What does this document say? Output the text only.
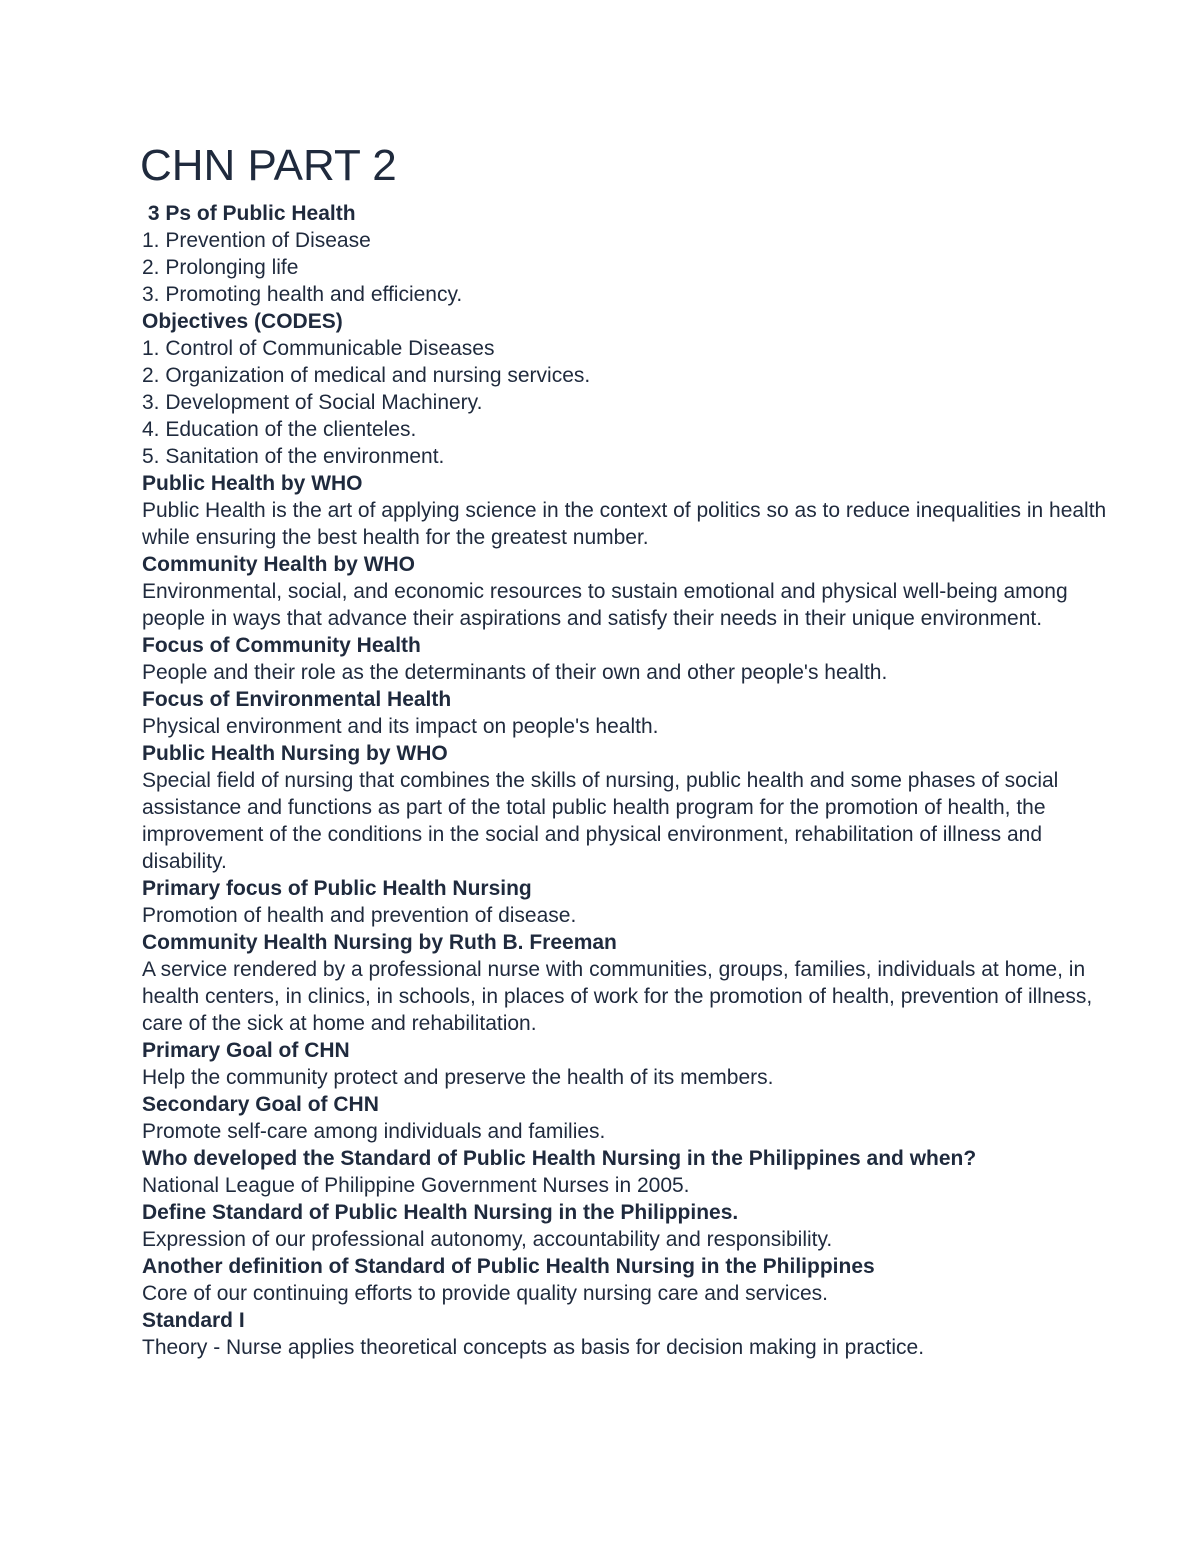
CHN PART 2

3 Ps of Public Health

1. Prevention of Disease

2. Prolonging life

3. Promoting health and efficiency.

Objectives (CODES)

1. Control of Communicable Diseases

2. Organization of medical and nursing services.

3. Development of Social Machinery.

4. Education of the clienteles.

5. Sanitation of the environment.

Public Health by WHO

Public Health is the art of applying science in the context of politics so as to reduce inequalities in health while ensuring the best health for the greatest number.

Community Health by WHO

Environmental, social, and economic resources to sustain emotional and physical well-being among people in ways that advance their aspirations and satisfy their needs in their unique environment.

Focus of Community Health

People and their role as the determinants of their own and other people's health.

Focus of Environmental Health

Physical environment and its impact on people's health.

Public Health Nursing by WHO

Special field of nursing that combines the skills of nursing, public health and some phases of social assistance and functions as part of the total public health program for the promotion of health, the improvement of the conditions in the social and physical environment, rehabilitation of illness and disability.

Primary focus of Public Health Nursing

Promotion of health and prevention of disease.

Community Health Nursing by Ruth B. Freeman

A service rendered by a professional nurse with communities, groups, families, individuals at home, in health centers, in clinics, in schools, in places of work for the promotion of health, prevention of illness, care of the sick at home and rehabilitation.

Primary Goal of CHN

Help the community protect and preserve the health of its members.

Secondary Goal of CHN

Promote self-care among individuals and families.

Who developed the Standard of Public Health Nursing in the Philippines and when?

National League of Philippine Government Nurses in 2005.

Define Standard of Public Health Nursing in the Philippines.

Expression of our professional autonomy, accountability and responsibility.

Another definition of Standard of Public Health Nursing in the Philippines

Core of our continuing efforts to provide quality nursing care and services.

Standard I

Theory - Nurse applies theoretical concepts as basis for decision making in practice.
